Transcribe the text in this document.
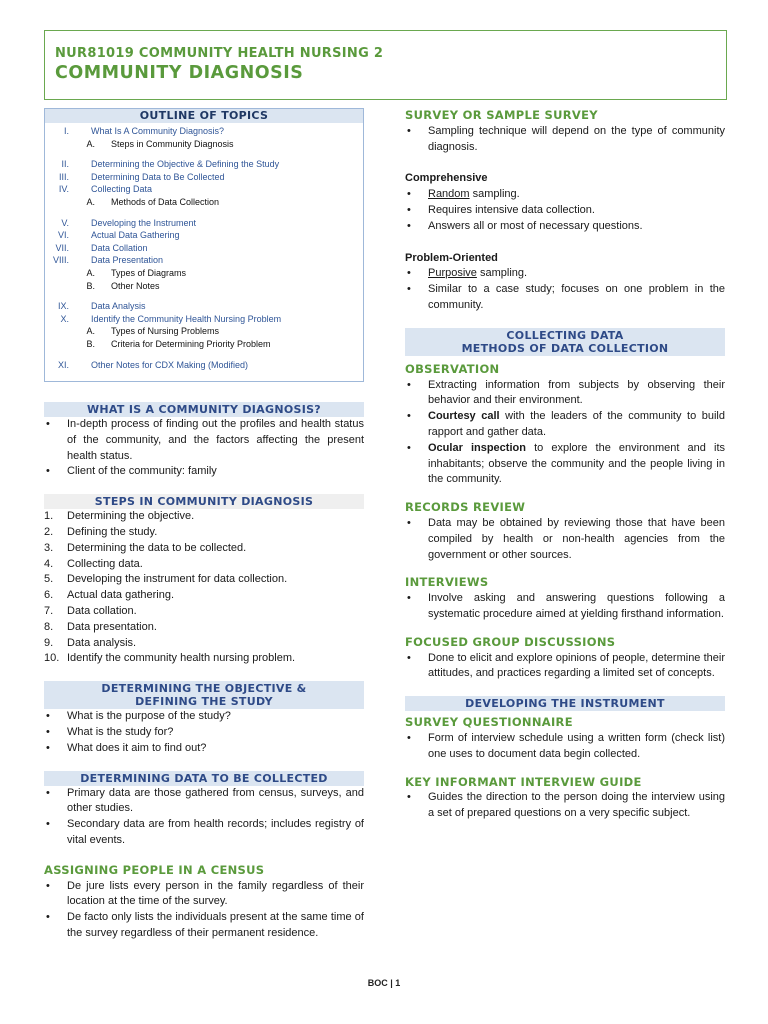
NUR81019 COMMUNITY HEALTH NURSING 2
COMMUNITY DIAGNOSIS
OUTLINE OF TOPICS
I. What Is A Community Diagnosis?
A. Steps in Community Diagnosis
II. Determining the Objective & Defining the Study
III. Determining Data to Be Collected
IV. Collecting Data
A. Methods of Data Collection
V. Developing the Instrument
VI. Actual Data Gathering
VII. Data Collation
VIII. Data Presentation
A. Types of Diagrams
B. Other Notes
IX. Data Analysis
X. Identify the Community Health Nursing Problem
A. Types of Nursing Problems
B. Criteria for Determining Priority Problem
XI. Other Notes for CDX Making (Modified)
WHAT IS A COMMUNITY DIAGNOSIS?
• In-depth process of finding out the profiles and health status of the community, and the factors affecting the present health status.
• Client of the community: family
STEPS IN COMMUNITY DIAGNOSIS
1. Determining the objective.
2. Defining the study.
3. Determining the data to be collected.
4. Collecting data.
5. Developing the instrument for data collection.
6. Actual data gathering.
7. Data collation.
8. Data presentation.
9. Data analysis.
10. Identify the community health nursing problem.
DETERMINING THE OBJECTIVE &
DEFINING THE STUDY
• What is the purpose of the study?
• What is the study for?
• What does it aim to find out?
DETERMINING DATA TO BE COLLECTED
• Primary data are those gathered from census, surveys, and other studies.
• Secondary data are from health records; includes registry of vital events.
ASSIGNING PEOPLE IN A CENSUS
• De jure lists every person in the family regardless of their location at the time of the survey.
• De facto only lists the individuals present at the same time of the survey regardless of their permanent residence.
SURVEY OR SAMPLE SURVEY
• Sampling technique will depend on the type of community diagnosis.
Comprehensive
• Random sampling.
• Requires intensive data collection.
• Answers all or most of necessary questions.
Problem-Oriented
• Purposive sampling.
• Similar to a case study; focuses on one problem in the community.
COLLECTING DATA
METHODS OF DATA COLLECTION
OBSERVATION
• Extracting information from subjects by observing their behavior and their environment.
• Courtesy call with the leaders of the community to build rapport and gather data.
• Ocular inspection to explore the environment and its inhabitants; observe the community and the people living in the community.
RECORDS REVIEW
• Data may be obtained by reviewing those that have been compiled by health or non-health agencies from the government or other sources.
INTERVIEWS
• Involve asking and answering questions following a systematic procedure aimed at yielding firsthand information.
FOCUSED GROUP DISCUSSIONS
• Done to elicit and explore opinions of people, determine their attitudes, and practices regarding a limited set of concepts.
DEVELOPING THE INSTRUMENT
SURVEY QUESTIONNAIRE
• Form of interview schedule using a written form (check list) one uses to document data begin collected.
KEY INFORMANT INTERVIEW GUIDE
• Guides the direction to the person doing the interview using a set of prepared questions on a very specific subject.
BOC | 1
